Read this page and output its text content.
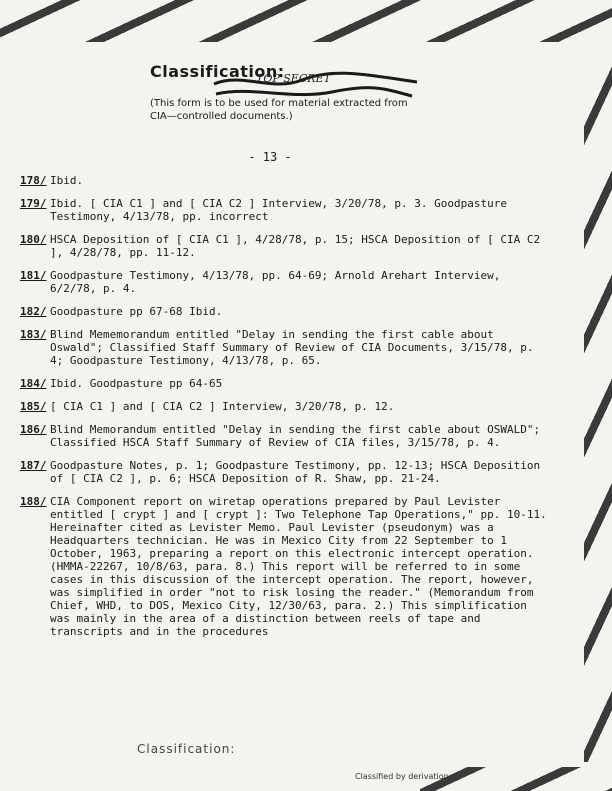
Classification:
(This form is to be used for material extracted from CIA—controlled documents.)
TOP SECRET
- 13 -
178/ Ibid.
179/ Ibid. [ CIA C1 ] and [ CIA C2 ] Interview, 3/20/78, p. 3. Goodpasture Testimony, 4/13/78, pp. incorrect
180/ HSCA Deposition of [ CIA C1 ], 4/28/78, p. 15; HSCA Deposition of [ CIA C2 ], 4/28/78, pp. 11-12.
181/ Goodpasture Testimony, 4/13/78, pp. 64-69; Arnold Arehart Interview, 6/2/78, p. 4.
182/ Goodpasture pp 67-68 Ibid.
183/ Blind Mememorandum entitled "Delay in sending the first cable about Oswald"; Classified Staff Summary of Review of CIA Documents, 3/15/78, p. 4; Goodpasture Testimony, 4/13/78, p. 65.
184/ Ibid. Goodpasture pp 64-65
185/ [ CIA C1 ] and [ CIA C2 ] Interview, 3/20/78, p. 12.
186/ Blind Memorandum entitled "Delay in sending the first cable about OSWALD"; Classified HSCA Staff Summary of Review of CIA files, 3/15/78, p. 4.
187/ Goodpasture Notes, p. 1; Goodpasture Testimony, pp. 12-13; HSCA Deposition of [ CIA C2 ], p. 6; HSCA Deposition of R. Shaw, pp. 21-24.
188/ CIA Component report on wiretap operations prepared by Paul Levister entitled [ crypt ] and [ crypt ]: Two Telephone Tap Operations," pp. 10-11. Hereinafter cited as Levister Memo. Paul Levister (pseudonym) was a Headquarters technician. He was in Mexico City from 22 September to 1 October, 1963, preparing a report on this electronic intercept operation. (HMMA-22267, 10/8/63, para. 8.) This report will be referred to in some cases in this discussion of the intercept operation. The report, however, was simplified in order "not to risk losing the reader." (Memorandum from Chief, WHD, to DOS, Mexico City, 12/30/63, para. 2.) This simplification was mainly in the area of a distinction between reels of tape and transcripts and in the procedures
Classification:
Classified by derivation:
